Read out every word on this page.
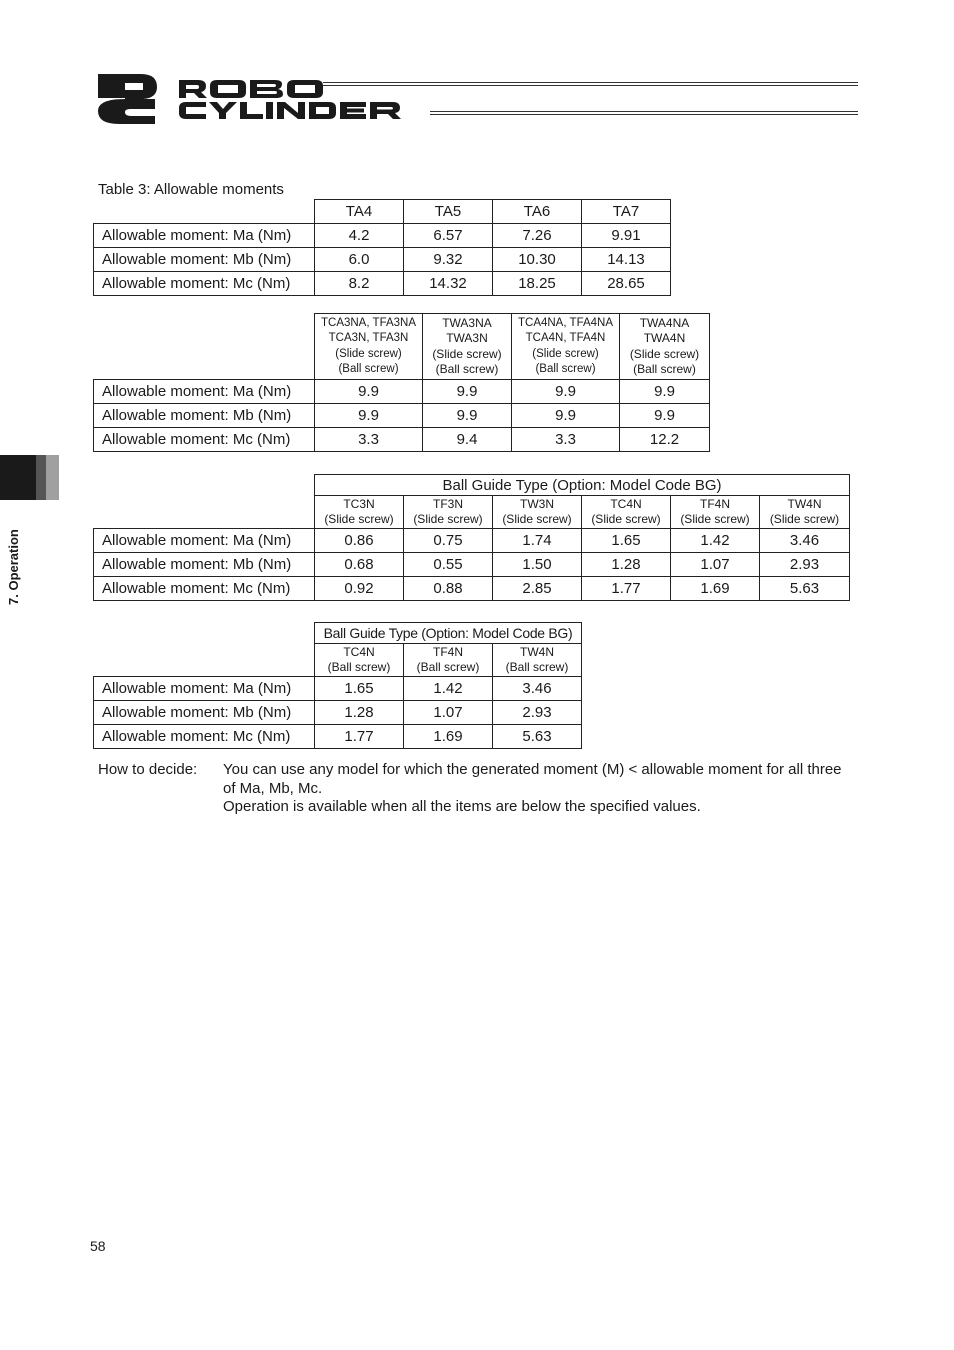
7. Operation
Table 3: Allowable moments
	TA4	TA5	TA6	TA7
Allowable moment: Ma (Nm)	4.2	6.57	7.26	9.91
Allowable moment: Mb (Nm)	6.0	9.32	10.30	14.13
Allowable moment: Mc (Nm)	8.2	14.32	18.25	28.65

	TCA3NA, TFA3NA
TCA3N, TFA3N
(Slide screw)
(Ball screw)	TWA3NA
TWA3N
(Slide screw)
(Ball screw)	TCA4NA, TFA4NA
TCA4N, TFA4N
(Slide screw)
(Ball screw)	TWA4NA
TWA4N
(Slide screw)
(Ball screw)

Allowable moment: Ma (Nm)	9.9	9.9	9.9	9.9
Allowable moment: Mb (Nm)	9.9	9.9	9.9	9.9
Allowable moment: Mc (Nm)	3.3	9.4	3.3	12.2
	Ball Guide Type (Option: Model Code BG)					

	TC3N
(Slide screw)	TF3N
(Slide screw)	TW3N
(Slide screw)	TC4N
(Slide screw)	TF4N
(Slide screw)	TW4N
(Slide screw)

Allowable moment: Ma (Nm)	0.86	0.75	1.74	1.65	1.42	3.46
Allowable moment: Mb (Nm)	0.68	0.55	1.50	1.28	1.07	2.93
Allowable moment: Mc (Nm)	0.92	0.88	2.85	1.77	1.69	5.63
	Ball Guide Type (Option: Model Code BG)		

	TC4N
(Ball screw)	TF4N
(Ball screw)	TW4N
(Ball screw)

Allowable moment: Ma (Nm)	1.65	1.42	3.46
Allowable moment: Mb (Nm)	1.28	1.07	2.93
Allowable moment: Mc (Nm)	1.77	1.69	5.63
How to decide: You can use any model for which the generated moment (M) < allowable moment for all three of Ma, Mb, Mc.
Operation is available when all the items are below the specified values.
58
